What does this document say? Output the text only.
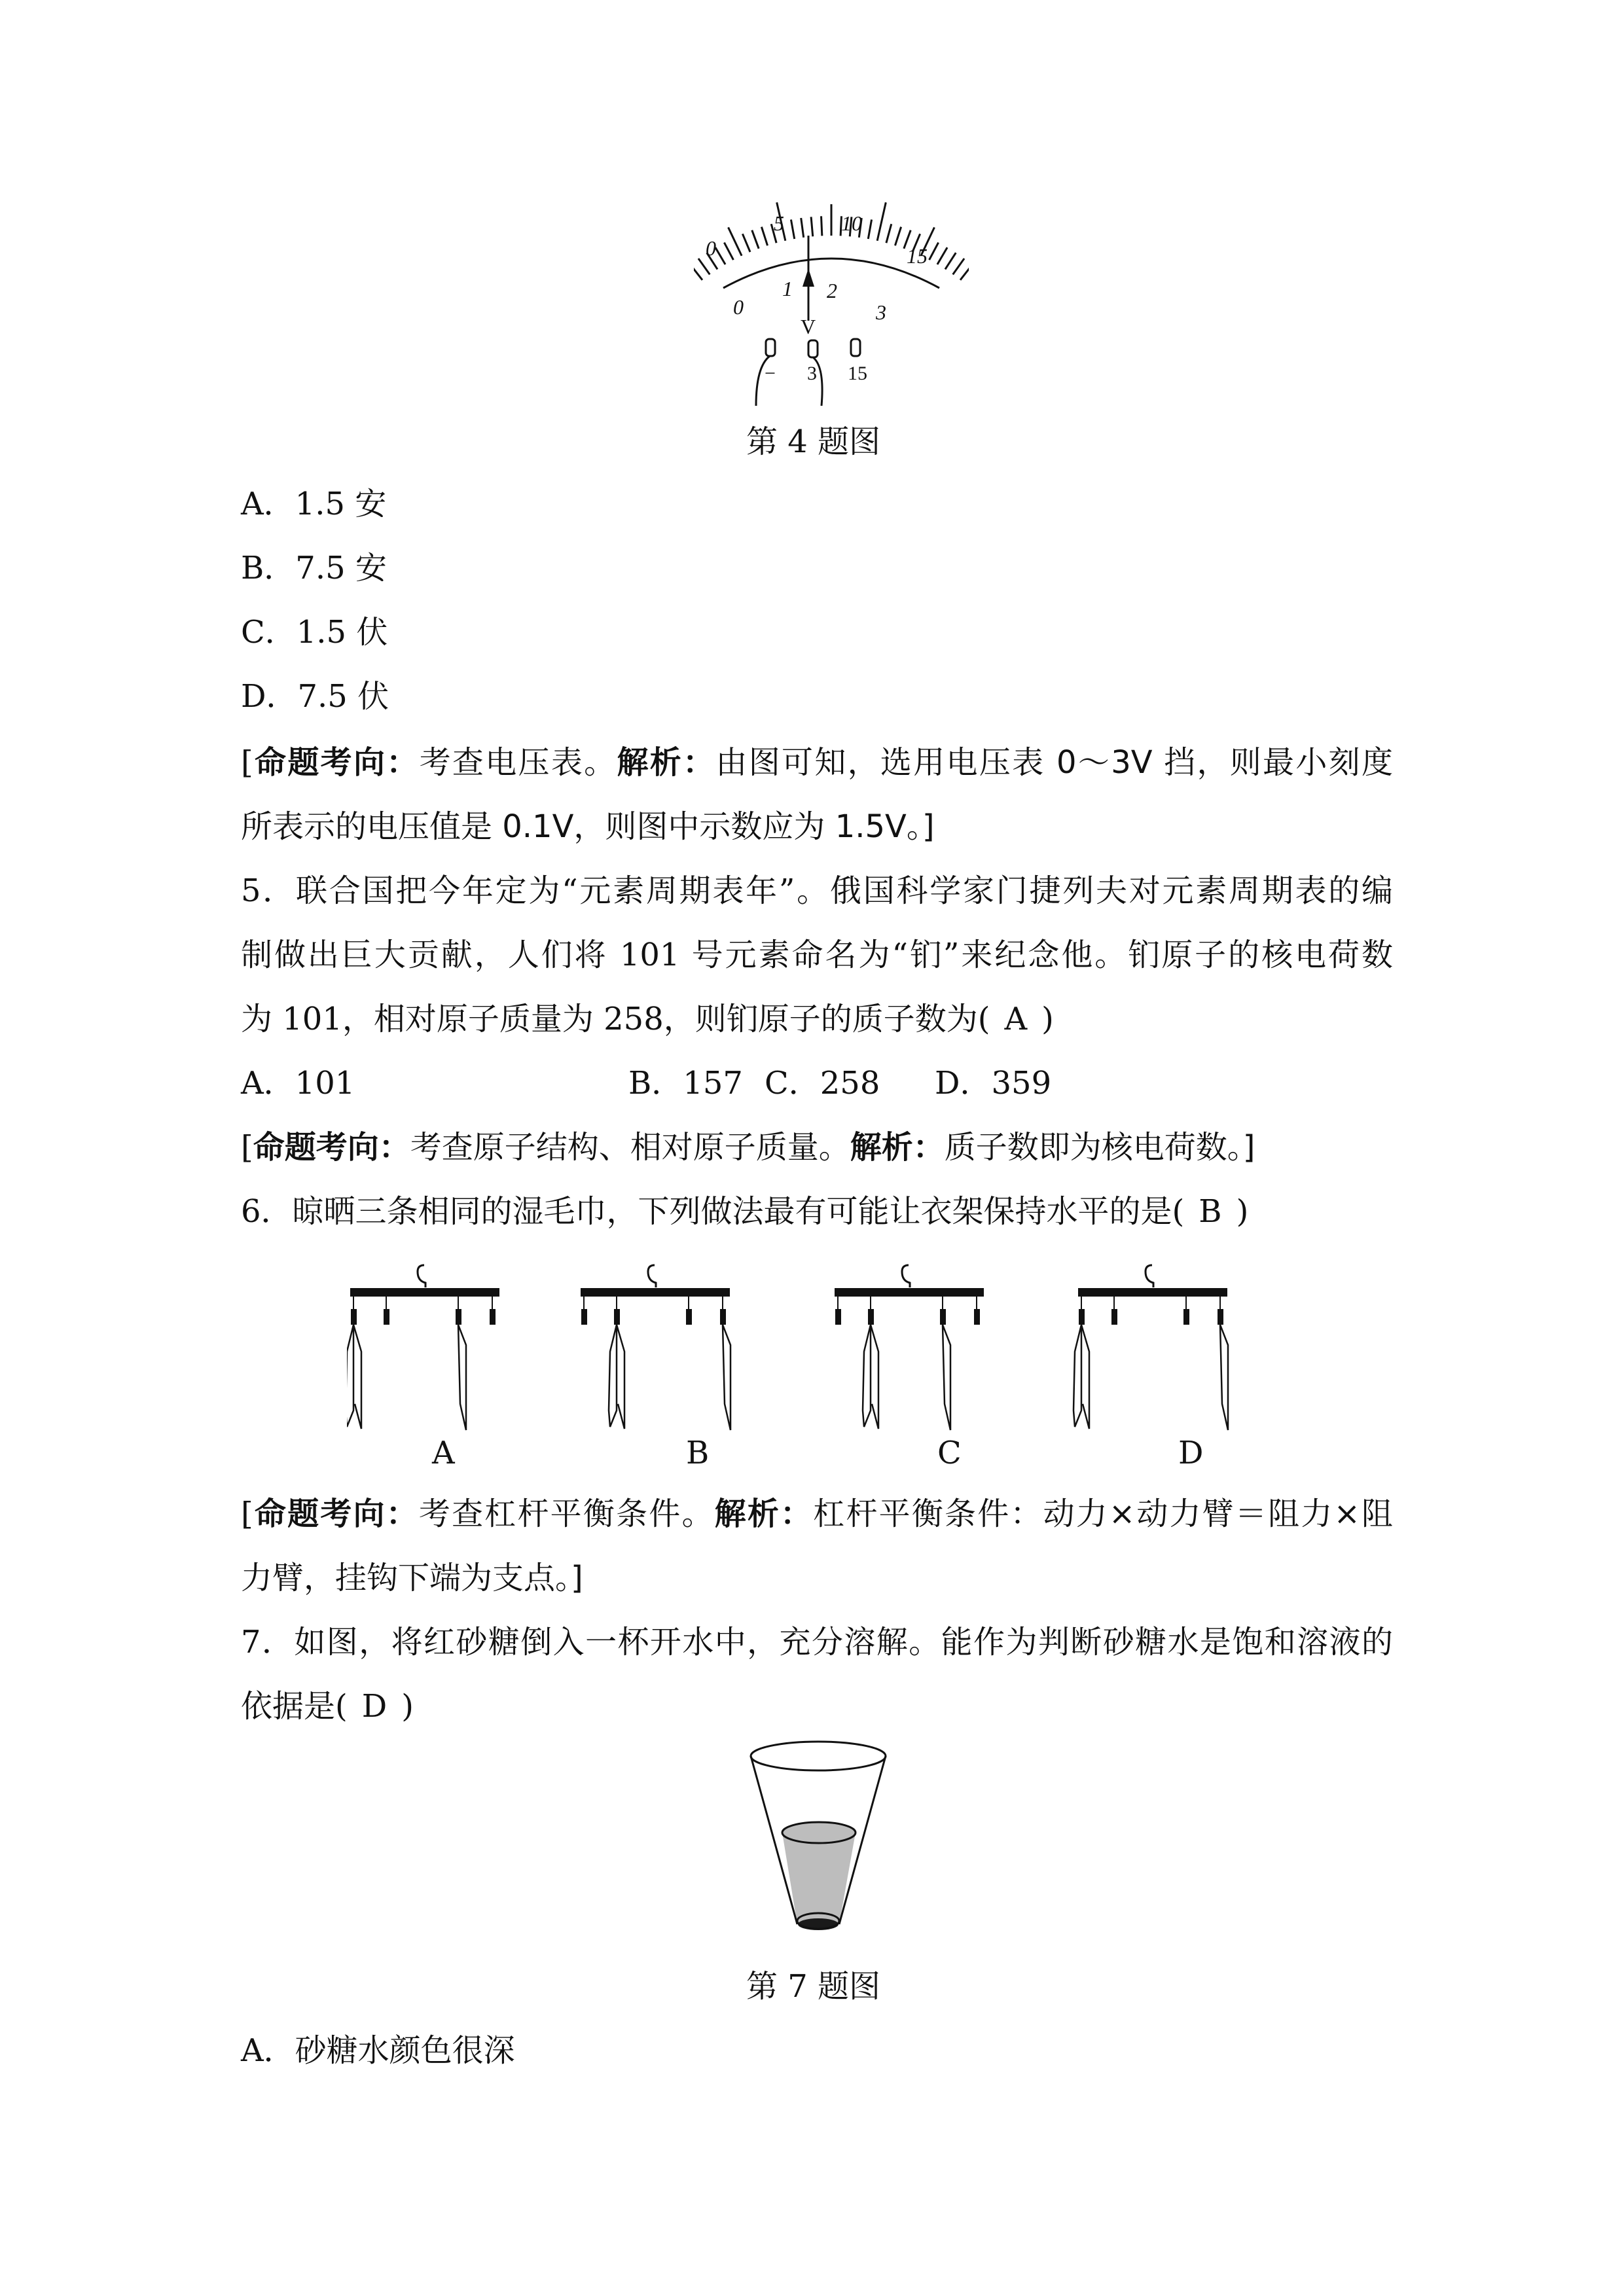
0
5	10
15
0
1 2
3
V
− 3 15
第 4 题图
A．1.5 安
B．7.5 安
C．1.5 伏
D．7.5 伏
[命题考向：考查电压表。解析：由图可知，选用电压表 0～3V 挡，则最小刻度
所表示的电压值是 0.1V，则图中示数应为 1.5V。]
5．联合国把今年定为“元素周期表年”。俄国科学家门捷列夫对元素周期表的编
制做出巨大贡献，人们将 101 号元素命名为“钔”来纪念他。钔原子的核电荷数
为 101，相对原子质量为 258，则钔原子的质子数为( A )
A．101	B．157 C．258 D．359
[命题考向：考查原子结构、相对原子质量。解析：质子数即为核电荷数。]
6．晾晒三条相同的湿毛巾，下列做法最有可能让衣架保持水平的是( B )
A	B	C	D
[命题考向：考查杠杆平衡条件。解析：杠杆平衡条件：动力×动力臂＝阻力×阻
力臂，挂钩下端为支点。]
7．如图，将红砂糖倒入一杯开水中，充分溶解。能作为判断砂糖水是饱和溶液的
依据是( D )
第 7 题图
A．砂糖水颜色很深
